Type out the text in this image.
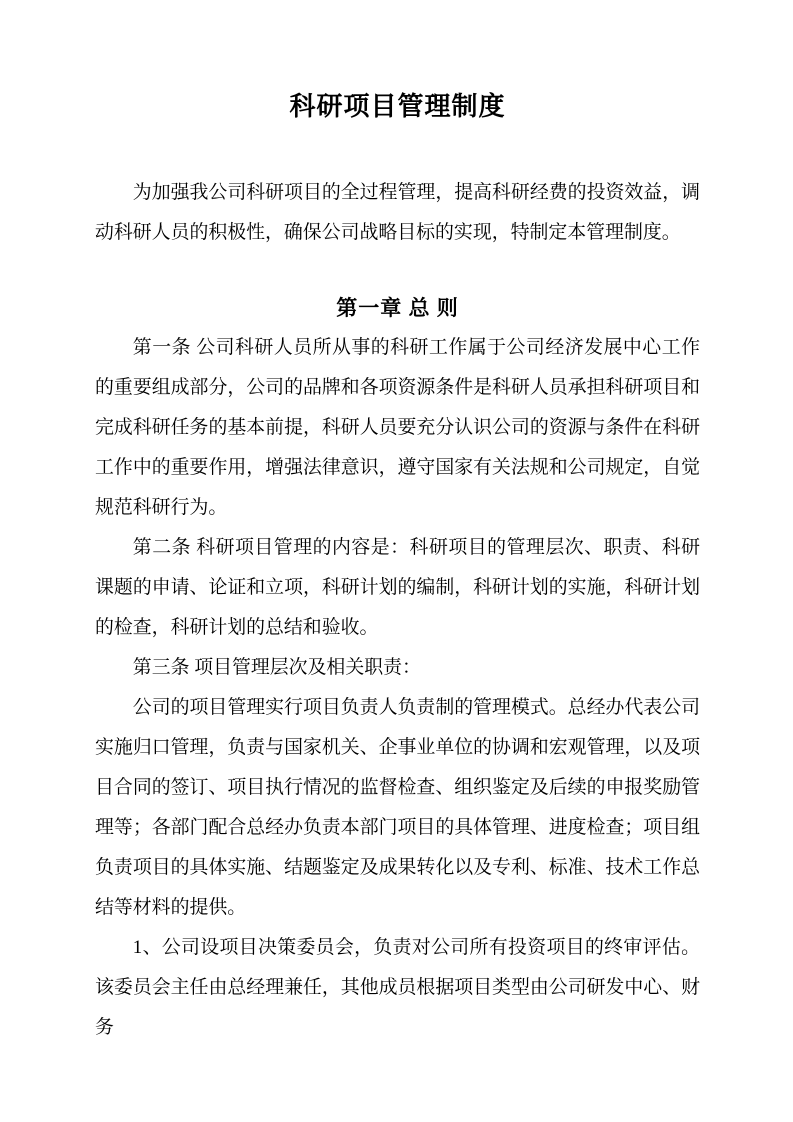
科研项目管理制度

为加强我公司科研项目的全过程管理，提高科研经费的投资效益，调动科研人员的积极性，确保公司战略目标的实现，特制定本管理制度。

第一章 总 则

第一条 公司科研人员所从事的科研工作属于公司经济发展中心工作的重要组成部分，公司的品牌和各项资源条件是科研人员承担科研项目和完成科研任务的基本前提，科研人员要充分认识公司的资源与条件在科研工作中的重要作用，增强法律意识，遵守国家有关法规和公司规定，自觉规范科研行为。

第二条 科研项目管理的内容是：科研项目的管理层次、职责、科研课题的申请、论证和立项，科研计划的编制，科研计划的实施，科研计划的检查，科研计划的总结和验收。

第三条 项目管理层次及相关职责：

公司的项目管理实行项目负责人负责制的管理模式。总经办代表公司实施归口管理，负责与国家机关、企事业单位的协调和宏观管理，以及项目合同的签订、项目执行情况的监督检查、组织鉴定及后续的申报奖励管理等；各部门配合总经办负责本部门项目的具体管理、进度检查；项目组负责项目的具体实施、结题鉴定及成果转化以及专利、标准、技术工作总结等材料的提供。

1、公司设项目决策委员会，负责对公司所有投资项目的终审评估。该委员会主任由总经理兼任，其他成员根据项目类型由公司研发中心、财务
